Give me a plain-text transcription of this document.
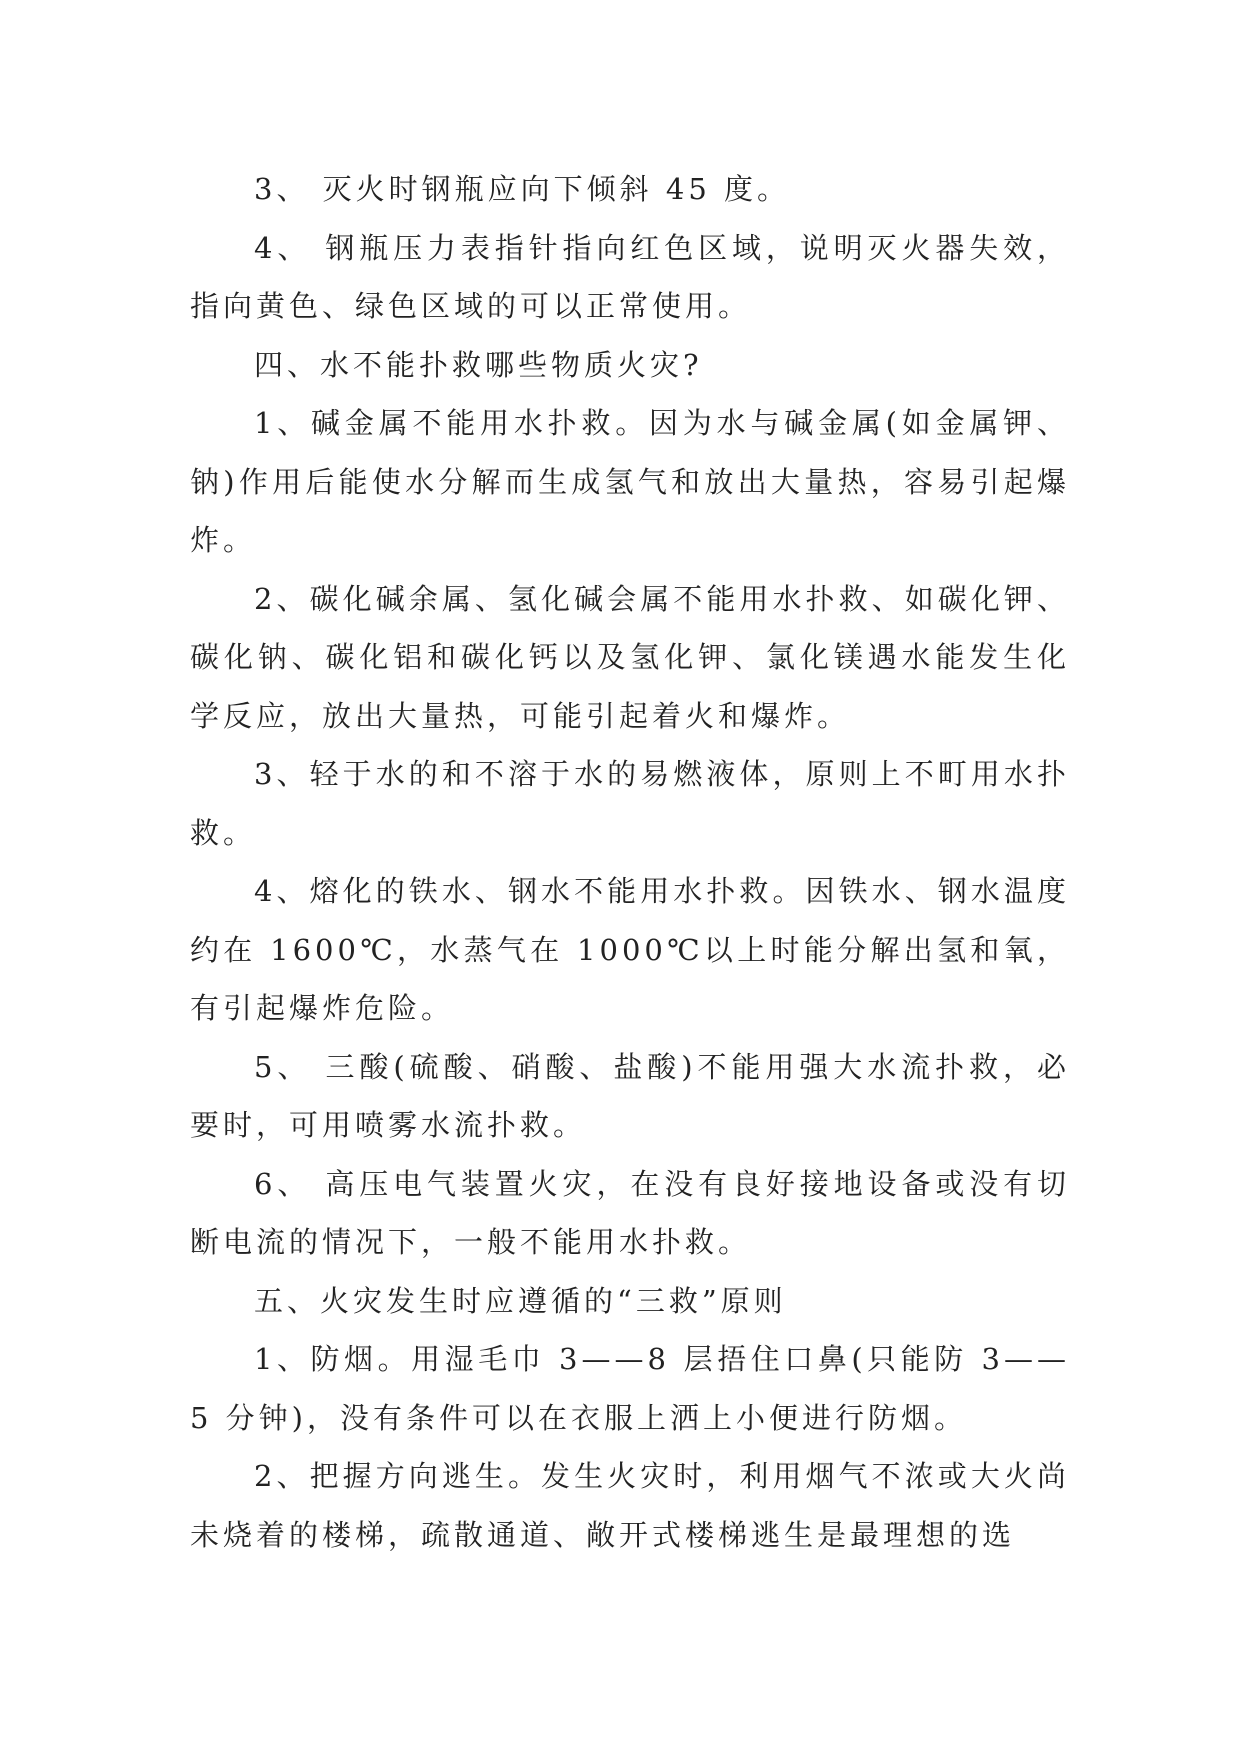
3、 灭火时钢瓶应向下倾斜 45 度。

4、 钢瓶压力表指针指向红色区域，说明灭火器失效，指向黄色、绿色区域的可以正常使用。

四、水不能扑救哪些物质火灾?

1、碱金属不能用水扑救。因为水与碱金属(如金属钾、钠)作用后能使水分解而生成氢气和放出大量热，容易引起爆炸。

2、碳化碱余属、氢化碱会属不能用水扑救、如碳化钾、碳化钠、碳化铝和碳化钙以及氢化钾、氯化镁遇水能发生化学反应，放出大量热，可能引起着火和爆炸。

3、轻于水的和不溶于水的易燃液体，原则上不町用水扑救。

4、熔化的铁水、钢水不能用水扑救。因铁水、钢水温度约在 1600℃，水蒸气在 1000℃以上时能分解出氢和氧，有引起爆炸危险。

5、 三酸(硫酸、硝酸、盐酸)不能用强大水流扑救，必要时，可用喷雾水流扑救。

6、 高压电气装置火灾，在没有良好接地设备或没有切断电流的情况下，一般不能用水扑救。

五、火灾发生时应遵循的“三救”原则

1、防烟。用湿毛巾 3——8 层捂住口鼻(只能防 3——5 分钟)，没有条件可以在衣服上洒上小便进行防烟。

2、把握方向逃生。发生火灾时，利用烟气不浓或大火尚未烧着的楼梯，疏散通道、敞开式楼梯逃生是最理想的选
